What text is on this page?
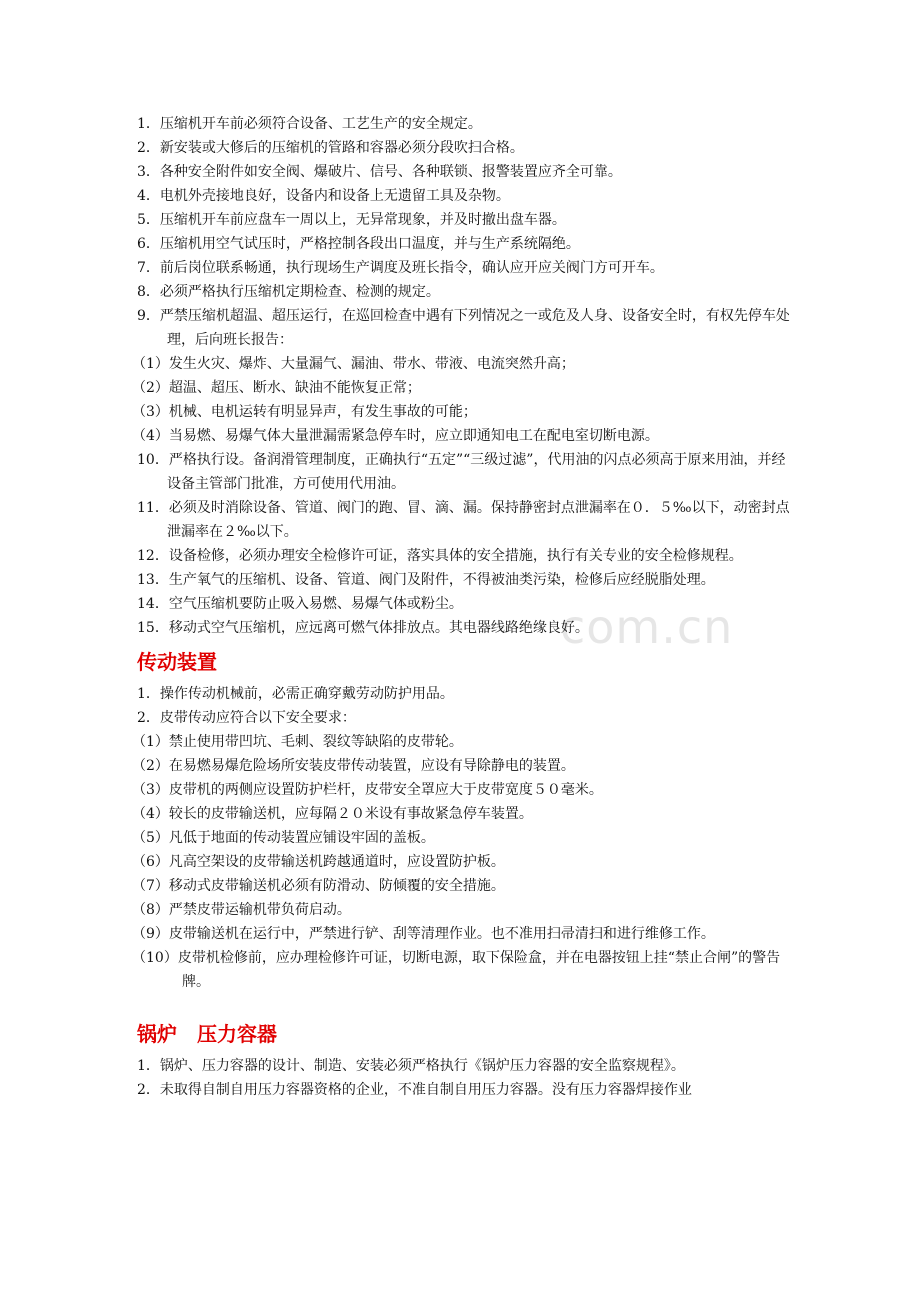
com.cn

1．压缩机开车前必须符合设备、工艺生产的安全规定。

2．新安装或大修后的压缩机的管路和容器必须分段吹扫合格。

3．各种安全附件如安全阀、爆破片、信号、各种联锁、报警装置应齐全可靠。

4．电机外壳接地良好，设备内和设备上无遗留工具及杂物。

5．压缩机开车前应盘车一周以上，无异常现象，并及时撤出盘车器。

6．压缩机用空气试压时，严格控制各段出口温度，并与生产系统隔绝。

7．前后岗位联系畅通，执行现场生产调度及班长指令，确认应开应关阀门方可开车。

8．必须严格执行压缩机定期检查、检测的规定。

9．严禁压缩机超温、超压运行，在巡回检查中遇有下列情况之一或危及人身、设备安全时，有权先停车处理，后向班长报告：

（1）发生火灾、爆炸、大量漏气、漏油、带水、带液、电流突然升高；

（2）超温、超压、断水、缺油不能恢复正常；

（3）机械、电机运转有明显异声，有发生事故的可能；

（4）当易燃、易爆气体大量泄漏需紧急停车时，应立即通知电工在配电室切断电源。

10．严格执行设。备润滑管理制度，正确执行“五定”“三级过滤”，代用油的闪点必须高于原来用油，并经设备主管部门批准，方可使用代用油。

11．必须及时消除设备、管道、阀门的跑、冒、滴、漏。保持静密封点泄漏率在０．５‰以下，动密封点泄漏率在２‰以下。

12．设备检修，必须办理安全检修许可证，落实具体的安全措施，执行有关专业的安全检修规程。

13．生产氧气的压缩机、设备、管道、阀门及附件，不得被油类污染，检修后应经脱脂处理。

14．空气压缩机要防止吸入易燃、易爆气体或粉尘。

15．移动式空气压缩机，应远离可燃气体排放点。其电器线路绝缘良好。

传动装置

1．操作传动机械前，必需正确穿戴劳动防护用品。

2．皮带传动应符合以下安全要求：

（1）禁止使用带凹坑、毛刺、裂纹等缺陷的皮带轮。

（2）在易燃易爆危险场所安装皮带传动装置，应设有导除静电的装置。

（3）皮带机的两侧应设置防护栏杆，皮带安全罩应大于皮带宽度５０毫米。

（4）较长的皮带输送机，应每隔２０米设有事故紧急停车装置。

（5）凡低于地面的传动装置应铺设牢固的盖板。

（6）凡高空架设的皮带输送机跨越通道时，应设置防护板。

（7）移动式皮带输送机必须有防滑动、防倾覆的安全措施。

（8）严禁皮带运输机带负荷启动。

（9）皮带输送机在运行中，严禁进行铲、刮等清理作业。也不准用扫帚清扫和进行维修工作。

（10）皮带机检修前，应办理检修许可证，切断电源，取下保险盒，并在电器按钮上挂“禁止合闸”的警告牌。

锅炉　压力容器

1．锅炉、压力容器的设计、制造、安装必须严格执行《锅炉压力容器的安全监察规程》。

2．未取得自制自用压力容器资格的企业，不准自制自用压力容器。没有压力容器焊接作业
